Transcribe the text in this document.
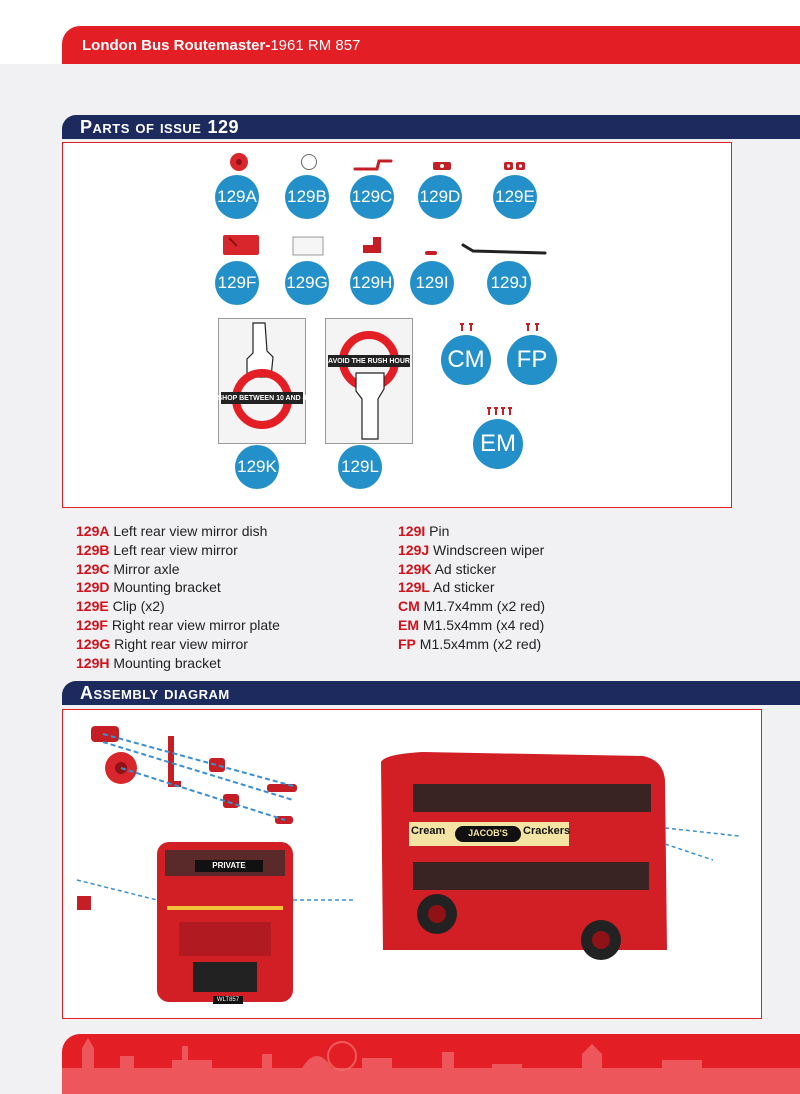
London Bus Routemaster- 1961 RM 857
Parts of issue 129
129A 129B 129C 129D 129E
129F 129G 129H	129I	129J
SHOP BETWEEN 10 AND 4
AVOID THE RUSH HOUR
129K	129L
CM	FP
EM
129A Left rear view mirror dish
129B Left rear view mirror
129C Mirror axle
129D Mounting bracket
129E Clip (x2)
129F Right rear view mirror plate
129G Right rear view mirror
129H Mounting bracket
129I Pin
129J Windscreen wiper
129K Ad sticker
129L Ad sticker
CM M1.7x4mm (x2 red)
EM M1.5x4mm (x4 red)
FP M1.5x4mm (x2 red)
Assembly diagram
Cream	JACOB'S	Crackers
PRIVATE
WLT857
